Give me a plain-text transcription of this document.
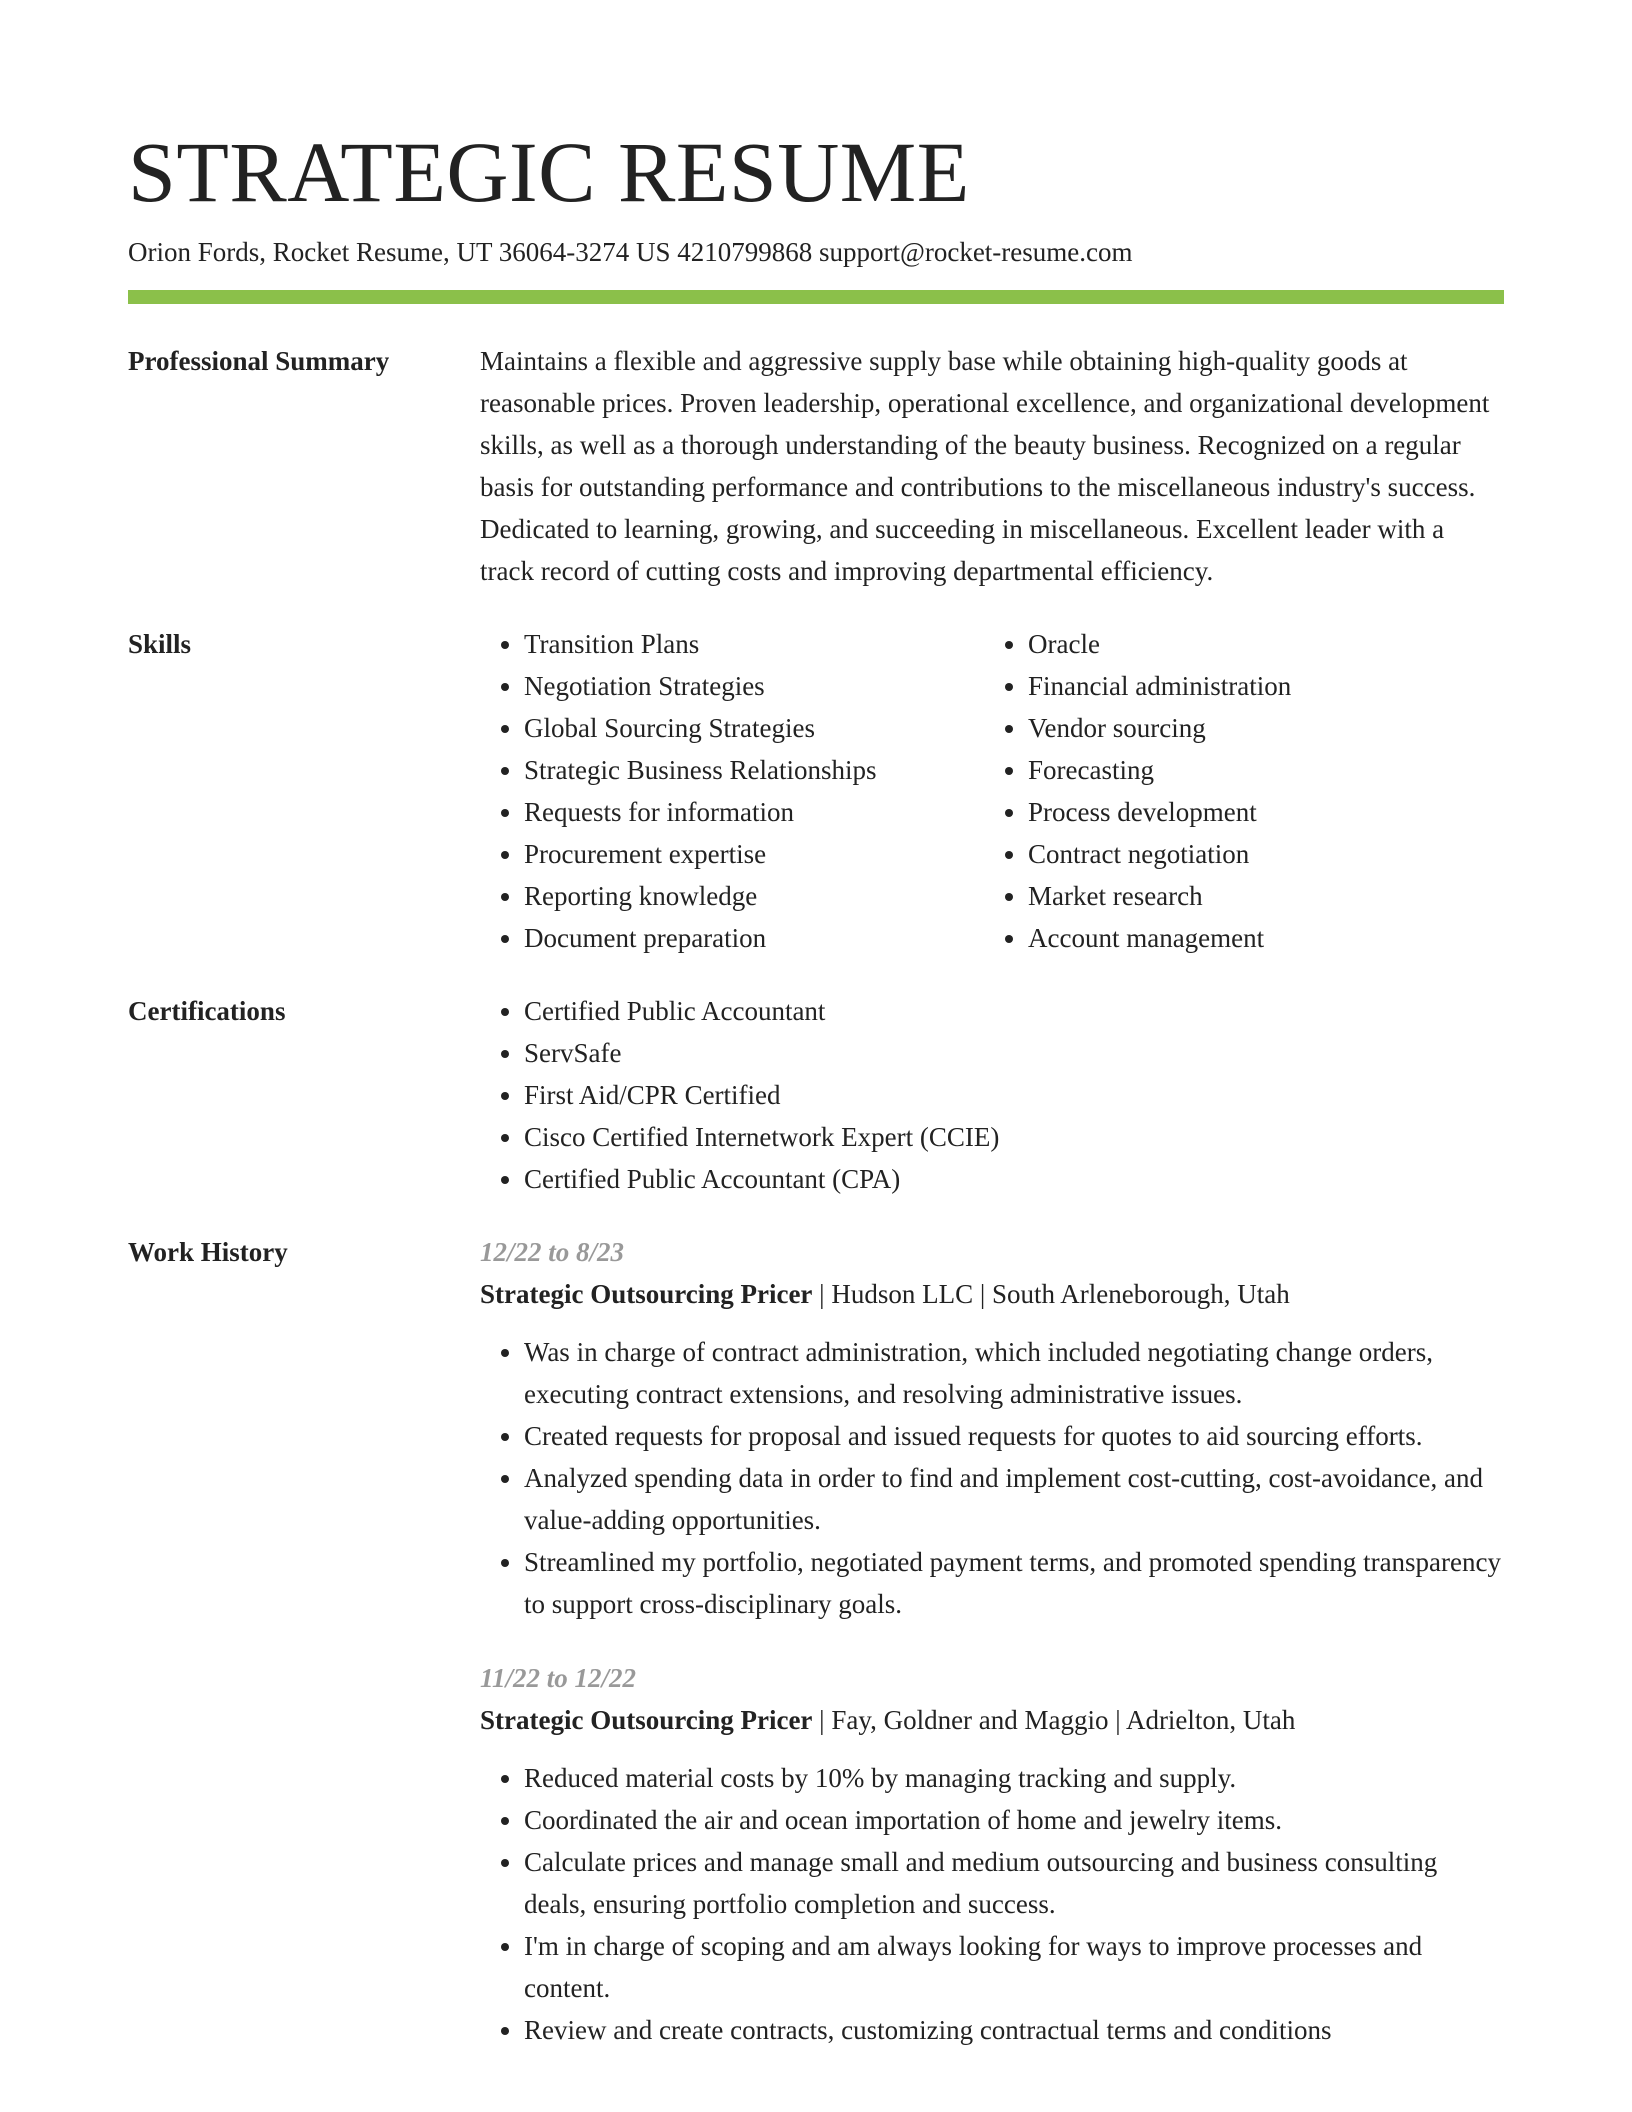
STRATEGIC RESUME
Orion Fords, Rocket Resume, UT 36064-3274 US 4210799868 support@rocket-resume.com
Professional Summary	Maintains a flexible and aggressive supply base while obtaining high-quality goods at reasonable prices. Proven leadership, operational excellence, and organizational development skills, as well as a thorough understanding of the beauty business. Recognized on a regular basis for outstanding performance and contributions to the miscellaneous industry's success. Dedicated to learning, growing, and succeeding in miscellaneous. Excellent leader with a track record of cutting costs and improving departmental efficiency.

Skills	• Transition Plans
• Negotiation Strategies
• Global Sourcing Strategies
• Strategic Business Relationships
• Requests for information
• Procurement expertise
• Reporting knowledge
• Document preparation
• Oracle
• Financial administration
• Vendor sourcing
• Forecasting
• Process development
• Contract negotiation
• Market research
• Account management
Certifications	• Certified Public Accountant
• ServSafe
• First Aid/CPR Certified
• Cisco Certified Internetwork Expert (CCIE)
• Certified Public Accountant (CPA)
Work History	12/22 to 8/23
Strategic Outsourcing Pricer | Hudson LLC | South Arleneborough, Utah
• Was in charge of contract administration, which included negotiating change orders, executing contract extensions, and resolving administrative issues.
• Created requests for proposal and issued requests for quotes to aid sourcing efforts.
• Analyzed spending data in order to find and implement cost-cutting, cost-avoidance, and value-adding opportunities.
• Streamlined my portfolio, negotiated payment terms, and promoted spending transparency to support cross-disciplinary goals.
11/22 to 12/22
Strategic Outsourcing Pricer | Fay, Goldner and Maggio | Adrielton, Utah
• Reduced material costs by 10% by managing tracking and supply.
• Coordinated the air and ocean importation of home and jewelry items.
• Calculate prices and manage small and medium outsourcing and business consulting deals, ensuring portfolio completion and success.
• I'm in charge of scoping and am always looking for ways to improve processes and content.
• Review and create contracts, customizing contractual terms and conditions
